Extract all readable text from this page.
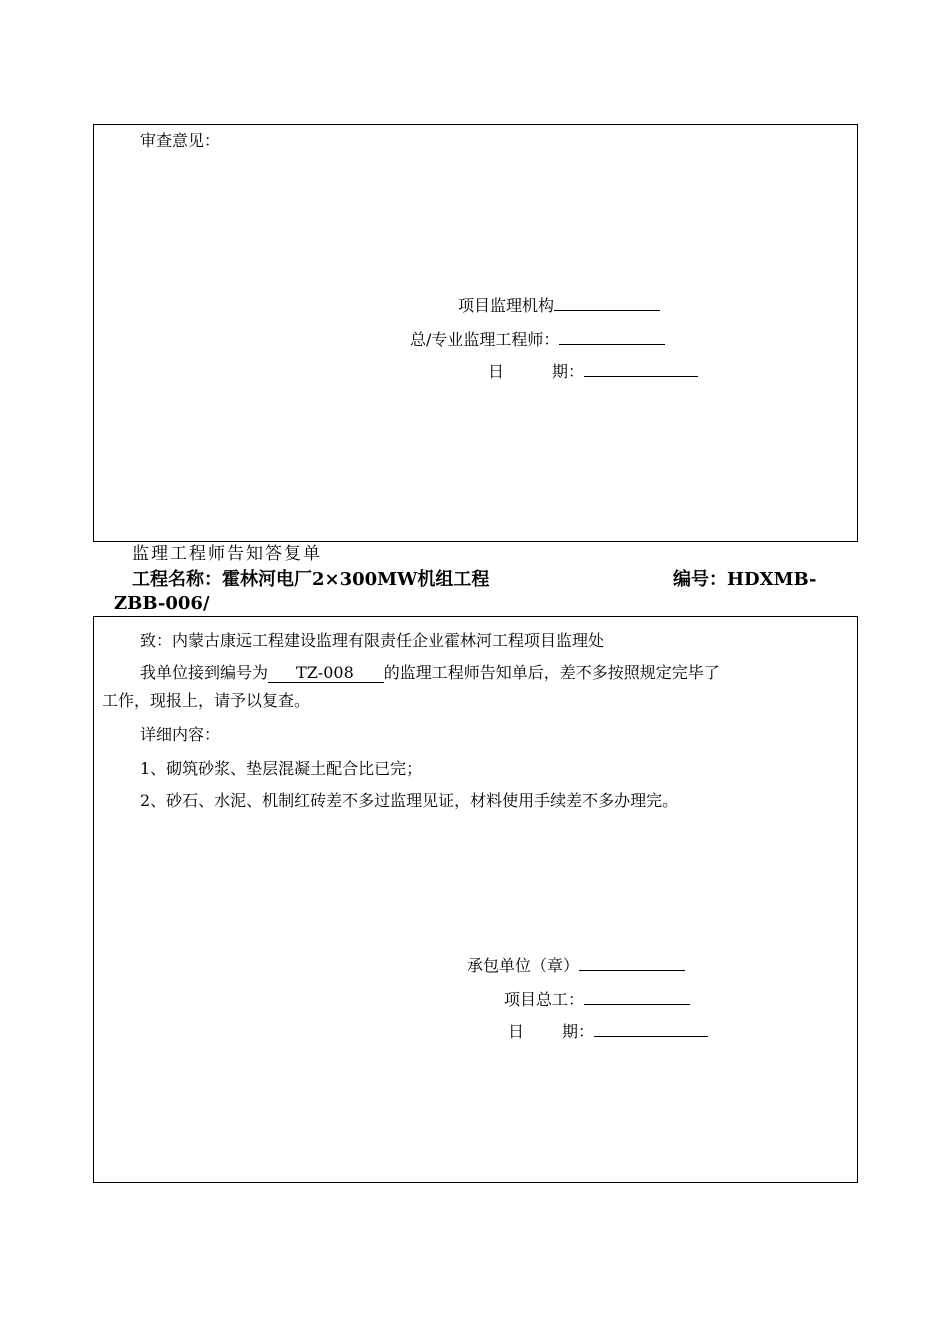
审查意见：
项目监理机构
总/专业监理工程师：
日	期：
监理工程师告知答复单
工程名称：霍林河电厂2×300MW机组工程	编号：HDXMB-
ZBB-006/
致：内蒙古康远工程建设监理有限责任企业霍林河工程项目监理处
我单位接到编号为 TZ-008 的监理工程师告知单后，差不多按照规定完毕了
工作，现报上，请予以复查。
详细内容：
1、砌筑砂浆、垫层混凝土配合比已完；
2、砂石、水泥、机制红砖差不多过监理见证，材料使用手续差不多办理完。
承包单位（章）
项目总工：
日 期：
